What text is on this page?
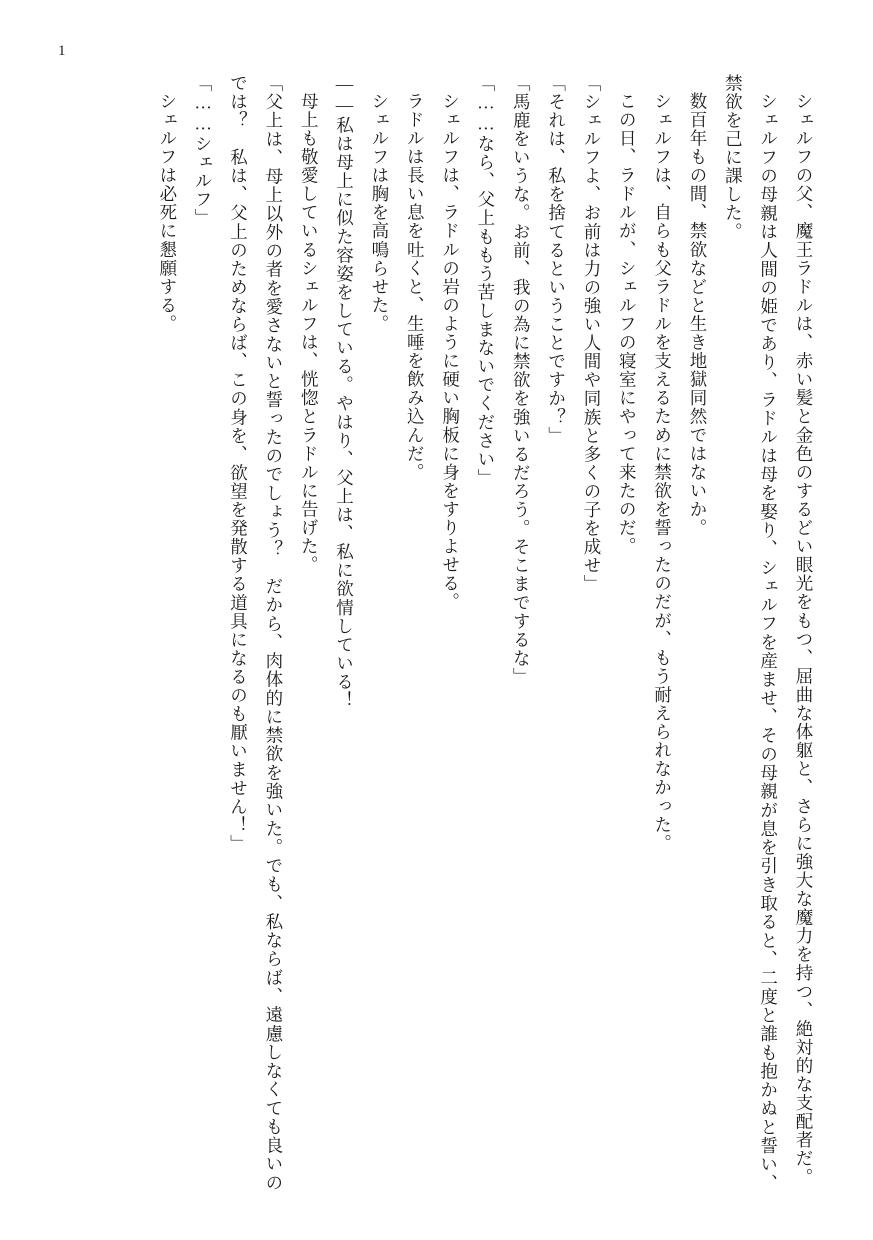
1
シェルフの父、魔王ラドルは、赤い髪と金色のするどい眼光をもつ、屈曲な体躯と、さらに強大な魔力を持つ、絶対的な支配者だ。
シェルフの母親は人間の姫であり、ラドルは母を娶り、シェルフを産ませ、その母親が息を引き取ると、二度と誰も抱かぬと誓い、禁欲を己に課した。
数百年もの間、禁欲などと生き地獄同然ではないか。
シェルフは、自らも父ラドルを支えるために禁欲を誓ったのだが、もう耐えられなかった。
この日、ラドルが、シェルフの寝室にやって来たのだ。
「シェルフよ、お前は力の強い人間や同族と多くの子を成せ」
「それは、私を捨てるということですか？」
「馬鹿をいうな。お前、我の為に禁欲を強いるだろう。そこまでするな」
「……なら、父上ももう苦しまないでください」
シェルフは、ラドルの岩のように硬い胸板に身をすりよせる。
ラドルは長い息を吐くと、生唾を飲み込んだ。
シェルフは胸を高鳴らせた。
——私は母上に似た容姿をしている。やはり、父上は、私に欲情している！
母上も敬愛しているシェルフは、恍惚とラドルに告げた。
「父上は、母上以外の者を愛さないと誓ったのでしょう？　だから、肉体的に禁欲を強いた。でも、私ならば、遠慮しなくても良いのでは？　私は、父上のためならば、この身を、欲望を発散する道具になるのも厭いません！」
「……シェルフ」
シェルフは必死に懇願する。
